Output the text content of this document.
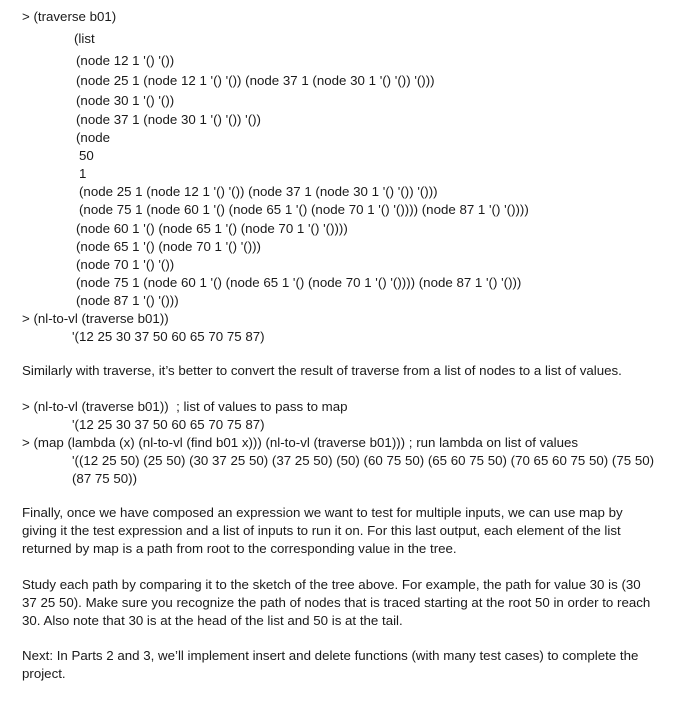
> (traverse b01)
(list
(node 12 1 '() '())
(node 25 1 (node 12 1 '() '()) (node 37 1 (node 30 1 '() '()) '()))
(node 30 1 '() '())
(node 37 1 (node 30 1 '() '()) '())
(node
50
1
(node 25 1 (node 12 1 '() '()) (node 37 1 (node 30 1 '() '()) '()))
(node 75 1 (node 60 1 '() (node 65 1 '() (node 70 1 '() '()))) (node 87 1 '() '())))
(node 60 1 '() (node 65 1 '() (node 70 1 '() '())))
(node 65 1 '() (node 70 1 '() '()))
(node 70 1 '() '())
(node 75 1 (node 60 1 '() (node 65 1 '() (node 70 1 '() '()))) (node 87 1 '() '()))
(node 87 1 '() '()))
> (nl-to-vl (traverse b01))
'(12 25 30 37 50 60 65 70 75 87)
Similarly with traverse, it’s better to convert the result of traverse from a list of nodes to a list of values.
> (nl-to-vl (traverse b01))  ; list of values to pass to map
'(12 25 30 37 50 60 65 70 75 87)
> (map (lambda (x) (nl-to-vl (find b01 x))) (nl-to-vl (traverse b01))) ; run lambda on list of values
'((12 25 50) (25 50) (30 37 25 50) (37 25 50) (50) (60 75 50) (65 60 75 50) (70 65 60 75 50) (75 50)
(87 75 50))
Finally, once we have composed an expression we want to test for multiple inputs, we can use map by giving it the test expression and a list of inputs to run it on. For this last output, each element of the list returned by map is a path from root to the corresponding value in the tree.
Study each path by comparing it to the sketch of the tree above. For example, the path for value 30 is (30 37 25 50). Make sure you recognize the path of nodes that is traced starting at the root 50 in order to reach 30. Also note that 30 is at the head of the list and 50 is at the tail.
Next: In Parts 2 and 3, we’ll implement insert and delete functions (with many test cases) to complete the project.
